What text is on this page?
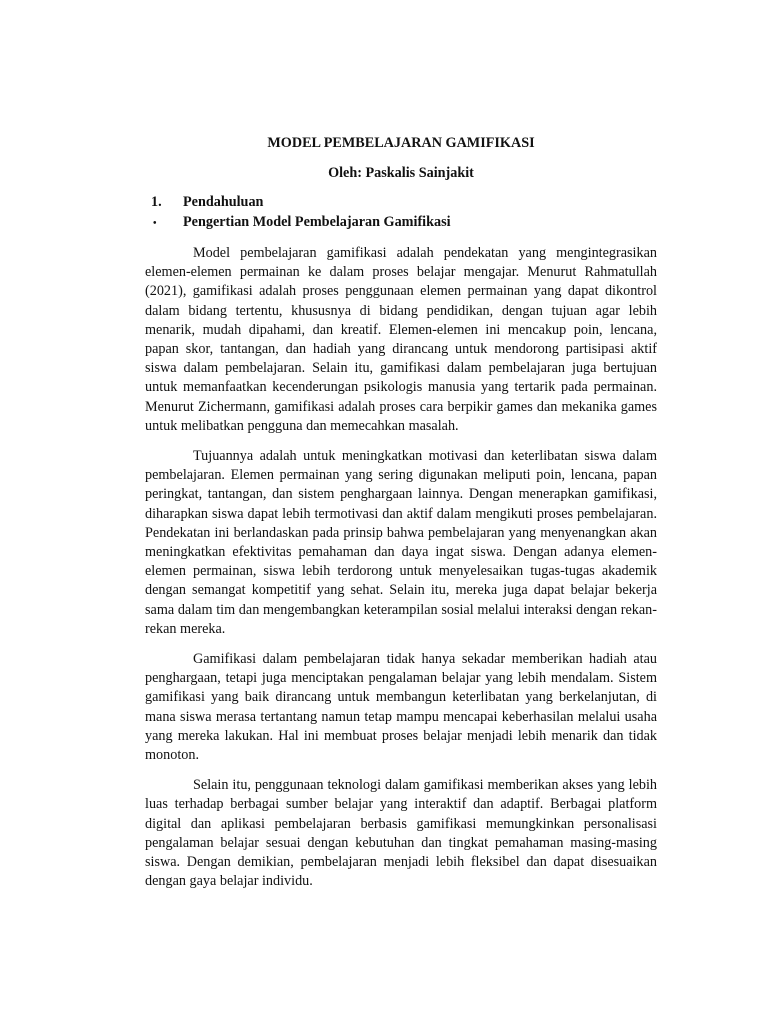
MODEL PEMBELAJARAN GAMIFIKASI
Oleh: Paskalis Sainjakit
1.	Pendahuluan
•	Pengertian Model Pembelajaran Gamifikasi

Model pembelajaran gamifikasi adalah pendekatan yang mengintegrasikan elemen-elemen permainan ke dalam proses belajar mengajar. Menurut Rahmatullah (2021), gamifikasi adalah proses penggunaan elemen permainan yang dapat dikontrol dalam bidang tertentu, khususnya di bidang pendidikan, dengan tujuan agar lebih menarik, mudah dipahami, dan kreatif. Elemen-elemen ini mencakup poin, lencana, papan skor, tantangan, dan hadiah yang dirancang untuk mendorong partisipasi aktif siswa dalam pembelajaran. Selain itu, gamifikasi dalam pembelajaran juga bertujuan untuk memanfaatkan kecenderungan psikologis manusia yang tertarik pada permainan. Menurut Zichermann, gamifikasi adalah proses cara berpikir games dan mekanika games untuk melibatkan pengguna dan memecahkan masalah.

Tujuannya adalah untuk meningkatkan motivasi dan keterlibatan siswa dalam pembelajaran. Elemen permainan yang sering digunakan meliputi poin, lencana, papan peringkat, tantangan, dan sistem penghargaan lainnya. Dengan menerapkan gamifikasi, diharapkan siswa dapat lebih termotivasi dan aktif dalam mengikuti proses pembelajaran. Pendekatan ini berlandaskan pada prinsip bahwa pembelajaran yang menyenangkan akan meningkatkan efektivitas pemahaman dan daya ingat siswa. Dengan adanya elemen-elemen permainan, siswa lebih terdorong untuk menyelesaikan tugas-tugas akademik dengan semangat kompetitif yang sehat. Selain itu, mereka juga dapat belajar bekerja sama dalam tim dan mengembangkan keterampilan sosial melalui interaksi dengan rekan-rekan mereka.

Gamifikasi dalam pembelajaran tidak hanya sekadar memberikan hadiah atau penghargaan, tetapi juga menciptakan pengalaman belajar yang lebih mendalam. Sistem gamifikasi yang baik dirancang untuk membangun keterlibatan yang berkelanjutan, di mana siswa merasa tertantang namun tetap mampu mencapai keberhasilan melalui usaha yang mereka lakukan. Hal ini membuat proses belajar menjadi lebih menarik dan tidak monoton.

Selain itu, penggunaan teknologi dalam gamifikasi memberikan akses yang lebih luas terhadap berbagai sumber belajar yang interaktif dan adaptif. Berbagai platform digital dan aplikasi pembelajaran berbasis gamifikasi memungkinkan personalisasi pengalaman belajar sesuai dengan kebutuhan dan tingkat pemahaman masing-masing siswa. Dengan demikian, pembelajaran menjadi lebih fleksibel dan dapat disesuaikan dengan gaya belajar individu.
